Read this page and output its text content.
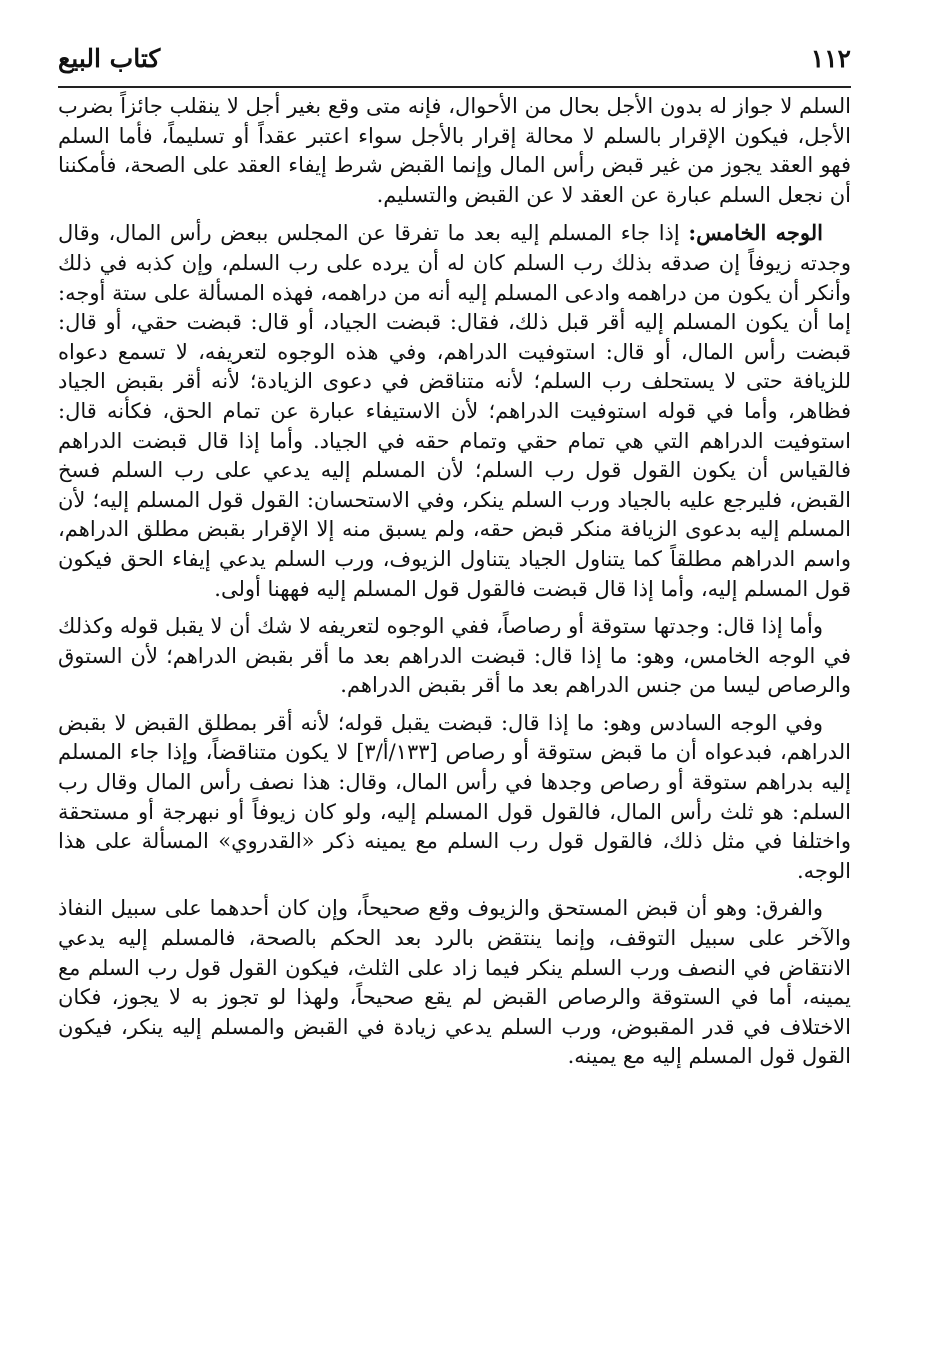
١١٢
كتاب البيع

السلم لا جواز له بدون الأجل بحال من الأحوال، فإنه متى وقع بغير أجل لا ينقلب جائزاً بضرب الأجل، فيكون الإقرار بالسلم لا محالة إقرار بالأجل سواء اعتبر عقداً أو تسليماً، فأما السلم فهو العقد يجوز من غير قبض رأس المال وإنما القبض شرط إيفاء العقد على الصحة، فأمكننا أن نجعل السلم عبارة عن العقد لا عن القبض والتسليم.

الوجه الخامس: إذا جاء المسلم إليه بعد ما تفرقا عن المجلس ببعض رأس المال، وقال وجدته زيوفاً إن صدقه بذلك رب السلم كان له أن يرده على رب السلم، وإن كذبه في ذلك وأنكر أن يكون من دراهمه وادعى المسلم إليه أنه من دراهمه، فهذه المسألة على ستة أوجه: إما أن يكون المسلم إليه أقر قبل ذلك، فقال: قبضت الجياد، أو قال: قبضت حقي، أو قال: قبضت رأس المال، أو قال: استوفيت الدراهم، وفي هذه الوجوه لتعريفه، لا تسمع دعواه للزيافة حتى لا يستحلف رب السلم؛ لأنه متناقض في دعوى الزيادة؛ لأنه أقر بقبض الجياد فظاهر، وأما في قوله استوفيت الدراهم؛ لأن الاستيفاء عبارة عن تمام الحق، فكأنه قال: استوفيت الدراهم التي هي تمام حقي وتمام حقه في الجياد. وأما إذا قال قبضت الدراهم فالقياس أن يكون القول قول رب السلم؛ لأن المسلم إليه يدعي على رب السلم فسخ القبض، فليرجع عليه بالجياد ورب السلم ينكر، وفي الاستحسان: القول قول المسلم إليه؛ لأن المسلم إليه بدعوى الزيافة منكر قبض حقه، ولم يسبق منه إلا الإقرار بقبض مطلق الدراهم، واسم الدراهم مطلقاً كما يتناول الجياد يتناول الزيوف، ورب السلم يدعي إيفاء الحق فيكون قول المسلم إليه، وأما إذا قال قبضت فالقول قول المسلم إليه فههنا أولى.

وأما إذا قال: وجدتها ستوقة أو رصاصاً، ففي الوجوه لتعريفه لا شك أن لا يقبل قوله وكذلك في الوجه الخامس، وهو: ما إذا قال: قبضت الدراهم بعد ما أقر بقبض الدراهم؛ لأن الستوق والرصاص ليسا من جنس الدراهم بعد ما أقر بقبض الدراهم.

وفي الوجه السادس وهو: ما إذا قال: قبضت يقبل قوله؛ لأنه أقر بمطلق القبض لا بقبض الدراهم، فبدعواه أن ما قبض ستوقة أو رصاص [١٣٣/أ/٣] لا يكون متناقضاً، وإذا جاء المسلم إليه بدراهم ستوقة أو رصاص وجدها في رأس المال، وقال: هذا نصف رأس المال وقال رب السلم: هو ثلث رأس المال، فالقول قول المسلم إليه، ولو كان زيوفاً أو نبهرجة أو مستحقة واختلفا في مثل ذلك، فالقول قول رب السلم مع يمينه ذكر «القدروي» المسألة على هذا الوجه.

والفرق: وهو أن قبض المستحق والزيوف وقع صحيحاً، وإن كان أحدهما على سبيل النفاذ والآخر على سبيل التوقف، وإنما ينتقض بالرد بعد الحكم بالصحة، فالمسلم إليه يدعي الانتقاض في النصف ورب السلم ينكر فيما زاد على الثلث، فيكون القول قول رب السلم مع يمينه، أما في الستوقة والرصاص القبض لم يقع صحيحاً، ولهذا لو تجوز به لا يجوز، فكان الاختلاف في قدر المقبوض، ورب السلم يدعي زيادة في القبض والمسلم إليه ينكر، فيكون القول قول المسلم إليه مع يمينه.
